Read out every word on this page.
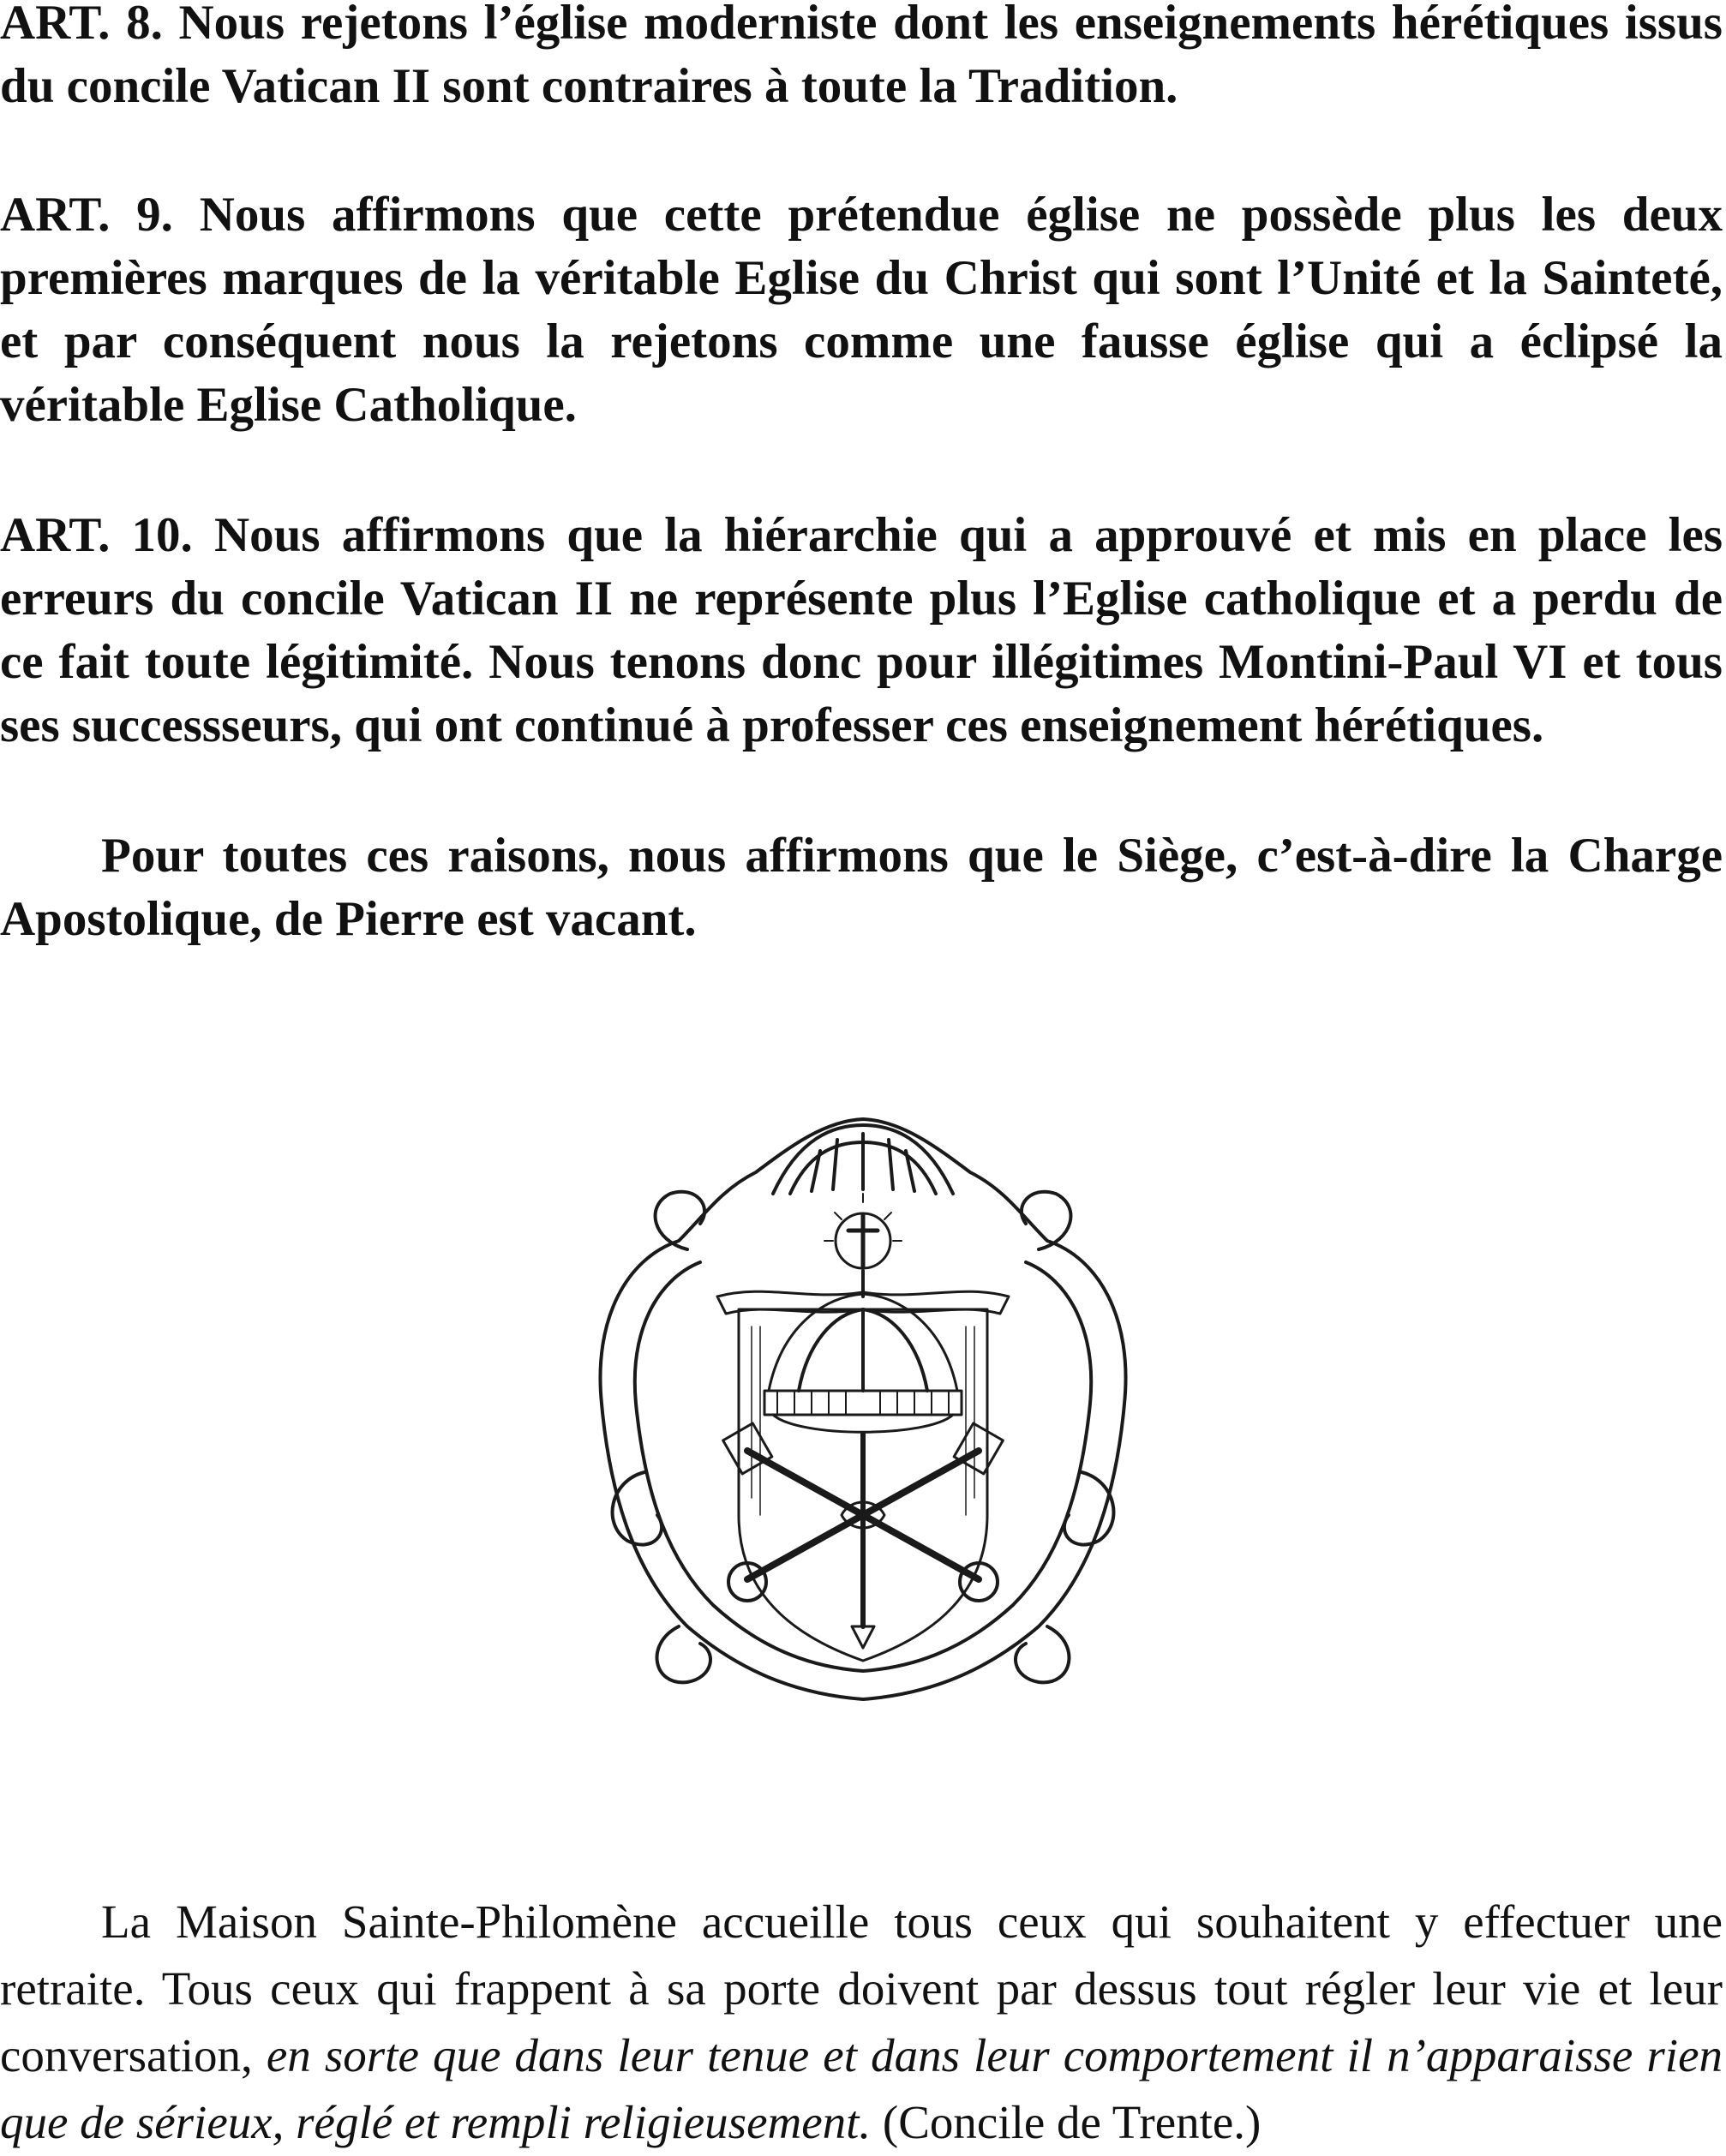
ART. 8. Nous rejetons l’église moderniste dont les enseignements hérétiques issus du concile Vatican II sont contraires à toute la Tradition.

ART. 9. Nous affirmons que cette prétendue église ne possède plus les deux premières marques de la véritable Eglise du Christ qui sont l’Unité et la Sainteté, et par conséquent nous la rejetons comme une fausse église qui a éclipsé la véritable Eglise Catholique.

ART. 10. Nous affirmons que la hiérarchie qui a approuvé et mis en place les erreurs du concile Vatican II ne représente plus l’Eglise catholique et a perdu de ce fait toute légitimité. Nous tenons donc pour illégitimes Montini-Paul VI et tous ses successseurs, qui ont continué à professer ces enseignement hérétiques.

Pour toutes ces raisons, nous affirmons que le Siège, c’est-à-dire la Charge Apostolique, de Pierre est vacant.

La Maison Sainte-Philomène accueille tous ceux qui souhaitent y effectuer une retraite. Tous ceux qui frappent à sa porte doivent par dessus tout régler leur vie et leur conversation, en sorte que dans leur tenue et dans leur comportement il n’apparaisse rien que de sérieux, réglé et rempli religieusement. (Concile de Trente.)
